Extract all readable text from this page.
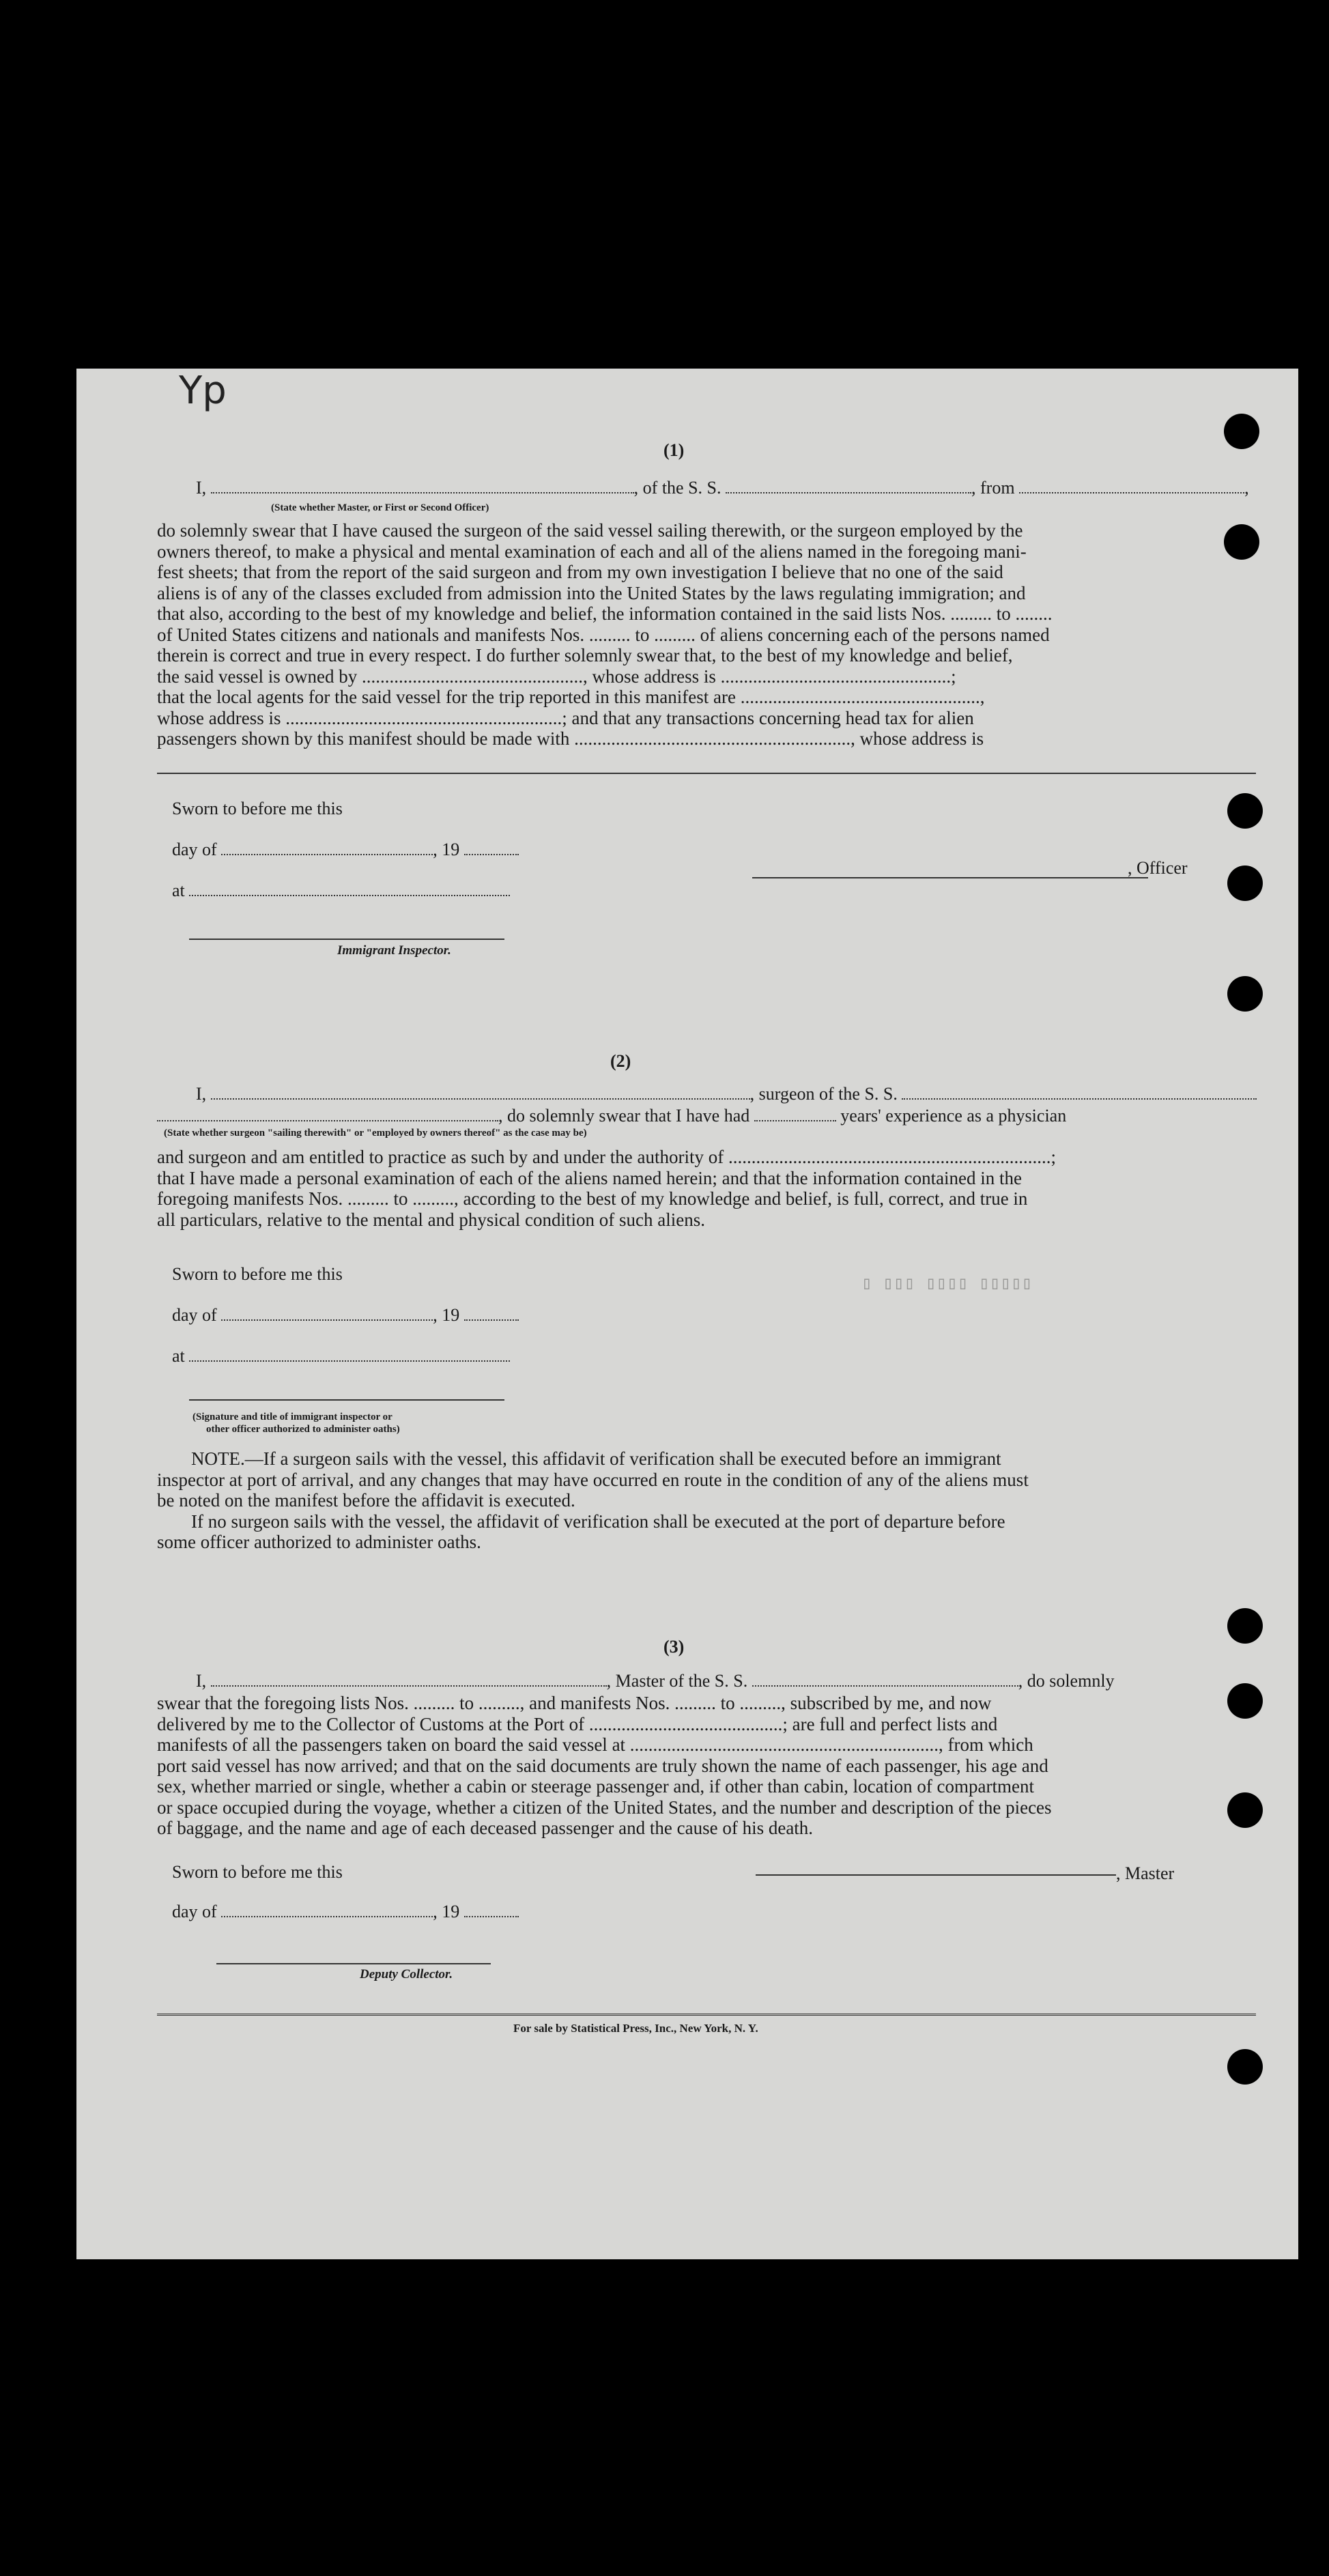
▯ ▯▯▯ ▯▯▯▯ ▯▯▯▯▯
Yp
(1)
I,	, of the S. S.	, from	,
(State whether Master, or First or Second Officer)
do solemnly swear that I have caused the surgeon of the said vessel sailing therewith, or the surgeon employed by the
owners thereof, to make a physical and mental examination of each and all of the aliens named in the foregoing mani-
fest sheets; that from the report of the said surgeon and from my own investigation I believe that no one of the said
aliens is of any of the classes excluded from admission into the United States by the laws regulating immigration; and
that also, according to the best of my knowledge and belief, the information contained in the said lists Nos. ......... to ........
of United States citizens and nationals and manifests Nos. ......... to ......... of aliens concerning each of the persons named
therein is correct and true in every respect. I do further solemnly swear that, to the best of my knowledge and belief,
the said vessel is owned by ................................................, whose address is ..................................................;
that the local agents for the said vessel for the trip reported in this manifest are ....................................................,
whose address is ............................................................; and that any transactions concerning head tax for alien
passengers shown by this manifest should be made with ............................................................, whose address is
Sworn to before me this
day of	, 19
at
Immigrant Inspector.
, Officer
(2)
I,	, surgeon of the S. S.
, do solemnly swear that I have had	years' experience as a physician
(State whether surgeon "sailing therewith" or "employed by owners thereof" as the case may be)
and surgeon and am entitled to practice as such by and under the authority of ......................................................................;
that I have made a personal examination of each of the aliens named herein; and that the information contained in the
foregoing manifests Nos. ......... to ........., according to the best of my knowledge and belief, is full, correct, and true in
all particulars, relative to the mental and physical condition of such aliens.
Sworn to before me this
day of	, 19
at
(Signature and title of immigrant inspector or
other officer authorized to administer oaths)
NOTE.—If a surgeon sails with the vessel, this affidavit of verification shall be executed before an immigrant
inspector at port of arrival, and any changes that may have occurred en route in the condition of any of the aliens must
be noted on the manifest before the affidavit is executed.
If no surgeon sails with the vessel, the affidavit of verification shall be executed at the port of departure before
some officer authorized to administer oaths.
(3)
I,	, Master of the S. S.	, do solemnly
swear that the foregoing lists Nos. ......... to ........., and manifests Nos. ......... to ........., subscribed by me, and now
delivered by me to the Collector of Customs at the Port of ..........................................; are full and perfect lists and
manifests of all the passengers taken on board the said vessel at ..................................................................., from which
port said vessel has now arrived; and that on the said documents are truly shown the name of each passenger, his age and
sex, whether married or single, whether a cabin or steerage passenger and, if other than cabin, location of compartment
or space occupied during the voyage, whether a citizen of the United States, and the number and description of the pieces
of baggage, and the name and age of each deceased passenger and the cause of his death.
Sworn to before me this
day of	, 19
Deputy Collector.
, Master
For sale by Statistical Press, Inc., New York, N. Y.
